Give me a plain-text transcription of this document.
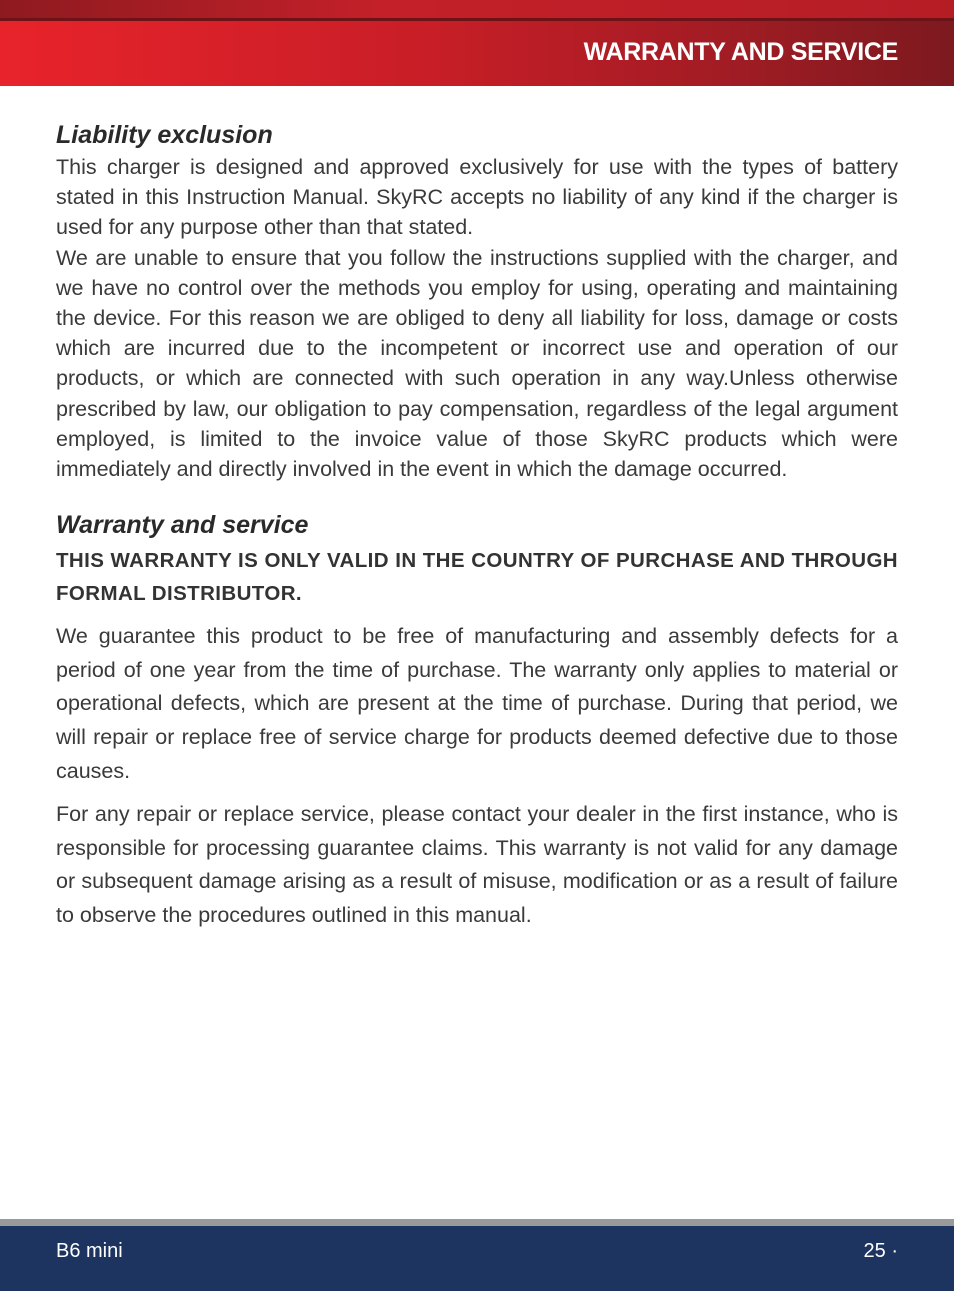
WARRANTY AND SERVICE
Liability exclusion

This charger is designed and approved exclusively for use with the types of battery stated in this Instruction Manual. SkyRC accepts no liability of any kind if the charger is used for any purpose other than that stated.

We are unable to ensure that you follow the instructions supplied with the charger, and we have no control over the methods you employ for using, operating and maintaining the device. For this reason we are obliged to deny all liability for loss, damage or costs which are incurred due to the incompetent or incorrect use and operation of our products, or which are connected with such operation in any way.Unless otherwise prescribed by law, our obligation to pay compensation, regardless of the legal argument employed, is limited to the invoice value of those SkyRC products which were immediately and directly involved in the event in which the damage occurred.

Warranty and service

THIS WARRANTY IS ONLY VALID IN THE COUNTRY OF PURCHASE AND THROUGH FORMAL DISTRIBUTOR.

We guarantee this product to be free of manufacturing and assembly defects for a period of one year from the time of purchase. The warranty only applies to material or operational defects, which are present at the time of purchase. During that period, we will repair or replace free of service charge for products deemed defective due to those causes.

For any repair or replace service, please contact your dealer in the first instance, who is responsible for processing guarantee claims. This warranty is not valid for any damage or subsequent damage arising as a result of misuse, modification or as a result of failure to observe the procedures outlined in this manual.

B6 mini	25 ·
